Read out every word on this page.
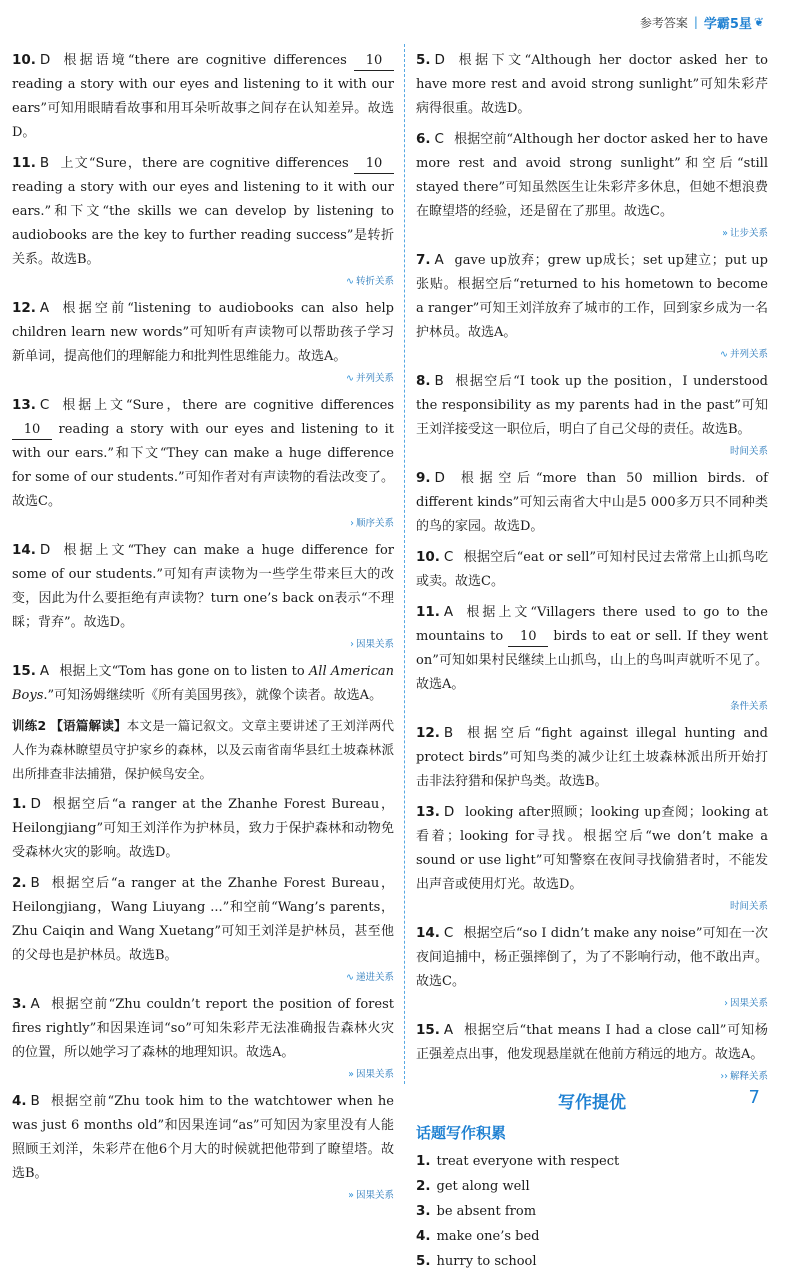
参考答案 | 学霸5星 ❦
10. D 根据语境“there are cognitive differences 10 reading a story with our eyes and listening to it with our ears”可知用眼睛看故事和用耳朵听故事之间存在认知差异。故选D。
11. B 上文“Sure，there are cognitive differences 10 reading a story with our eyes and listening to it with our ears.”和下文“the skills we can develop by listening to audiobooks are the key to further reading success”是转折关系。故选B。
∿ 转折关系
12. A 根据空前“listening to audiobooks can also help children learn new words”可知听有声读物可以帮助孩子学习新单词，提高他们的理解能力和批判性思维能力。故选A。
∿ 并列关系
13. C 根据上文“Sure，there are cognitive differences 10 reading a story with our eyes and listening to it with our ears.”和下文“They can make a huge difference for some of our students.”可知作者对有声读物的看法改变了。故选C。
› 顺序关系
14. D 根据上文“They can make a huge difference for some of our students.”可知有声读物为一些学生带来巨大的改变，因此为什么要拒绝有声读物？turn one’s back on表示“不理睬；背弃”。故选D。
› 因果关系
15. A 根据上文“Tom has gone on to listen to All American Boys.”可知汤姆继续听《所有美国男孩》，就像个读者。故选A。
训练2 【语篇解读】本文是一篇记叙文。文章主要讲述了王刘洋两代人作为森林瞭望员守护家乡的森林，以及云南省南华县红土坡森林派出所排查非法捕猎，保护候鸟安全。
1. D 根据空后“a ranger at the Zhanhe Forest Bureau，Heilongjiang”可知王刘洋作为护林员，致力于保护森林和动物免受森林火灾的影响。故选D。
2. B 根据空后“a ranger at the Zhanhe Forest Bureau，Heilongjiang，Wang Liuyang ...”和空前“Wang’s parents，Zhu Caiqin and Wang Xuetang”可知王刘洋是护林员，甚至他的父母也是护林员。故选B。
∿ 递进关系
3. A 根据空前“Zhu couldn’t report the position of forest fires rightly”和因果连词“so”可知朱彩芹无法准确报告森林火灾的位置，所以她学习了森林的地理知识。故选A。
» 因果关系
4. B 根据空前“Zhu took him to the watchtower when he was just 6 months old”和因果连词“as”可知因为家里没有人能照顾王刘洋，朱彩芹在他6个月大的时候就把他带到了瞭望塔。故选B。
» 因果关系
5. D 根据下文“Although her doctor asked her to have more rest and avoid strong sunlight”可知朱彩芹病得很重。故选D。
6. C 根据空前“Although her doctor asked her to have more rest and avoid strong sunlight”和空后“still stayed there”可知虽然医生让朱彩芹多休息，但她不想浪费在瞭望塔的经验，还是留在了那里。故选C。
» 让步关系
7. A gave up放弃；grew up成长；set up建立；put up张贴。根据空后“returned to his hometown to become a ranger”可知王刘洋放弃了城市的工作，回到家乡成为一名护林员。故选A。
∿ 并列关系
8. B 根据空后“I took up the position，I understood the responsibility as my parents had in the past”可知王刘洋接受这一职位后，明白了自己父母的责任。故选B。
时间关系
9. D 根据空后“more than 50 million birds. of different kinds”可知云南省大中山是5 000多万只不同种类的鸟的家园。故选D。
10. C 根据空后“eat or sell”可知村民过去常常上山抓鸟吃或卖。故选C。
11. A 根据上文“Villagers there used to go to the mountains to 10 birds to eat or sell. If they went on”可知如果村民继续上山抓鸟，山上的鸟叫声就听不见了。故选A。
条件关系
12. B 根据空后“fight against illegal hunting and protect birds”可知鸟类的减少让红土坡森林派出所开始打击非法狩猎和保护鸟类。故选B。
13. D looking after照顾；looking up查阅；looking at看着；looking for寻找。根据空后“we don’t make a sound or use light”可知警察在夜间寻找偷猎者时，不能发出声音或使用灯光。故选D。
时间关系
14. C 根据空后“so I didn’t make any noise”可知在一次夜间追捕中，杨正强摔倒了，为了不影响行动，他不敢出声。故选C。
› 因果关系
15. A 根据空后“that means I had a close call”可知杨正强差点出事，他发现悬崖就在他前方稍远的地方。故选A。
›› 解释关系
写作提优
话题写作积累
1. treat everyone with respect
2. get along well
3. be absent from
4. make one’s bed
5. hurry to school
7
